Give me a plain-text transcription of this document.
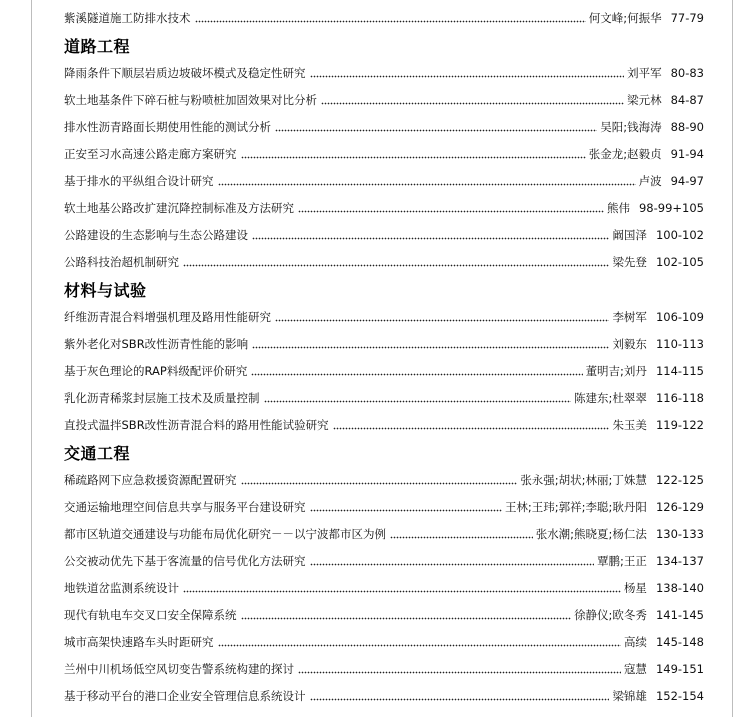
紫溪隧道施工防排水技术	何文峰;何振华 77-79
道路工程
降雨条件下顺层岩质边坡破坏模式及稳定性研究	刘平军 80-83
软土地基条件下碎石桩与粉喷桩加固效果对比分析	梁元林 84-87
排水性沥青路面长期使用性能的测试分析	吴阳;钱海涛 88-90
正安至习水高速公路走廊方案研究	张金龙;赵毅贞 91-94
基于排水的平纵组合设计研究	卢波 94-97
软土地基公路改扩建沉降控制标准及方法研究	熊伟 98-99+105
公路建设的生态影响与生态公路建设	阚国泽 100-102
公路科技治超机制研究	梁先登 102-105
材料与试验
纤维沥青混合料增强机理及路用性能研究	李树军 106-109
紫外老化对SBR改性沥青性能的影响	刘毅东 110-113
基于灰色理论的RAP料级配评价研究	董明吉;刘丹 114-115
乳化沥青稀浆封层施工技术及质量控制	陈建东;杜翠翠 116-118
直投式温拌SBR改性沥青混合料的路用性能试验研究	朱玉美 119-122
交通工程
稀疏路网下应急救援资源配置研究	张永强;胡状;林丽;丁姝慧 122-125
交通运输地理空间信息共享与服务平台建设研究	王林;王玮;郭祥;李聪;耿丹阳 126-129
都市区轨道交通建设与功能布局优化研究－－以宁波都市区为例	张水潮;熊晓夏;杨仁法 130-133
公交被动优先下基于客流量的信号优化方法研究	覃鹏;王正 134-137
地铁道岔监测系统设计	杨星 138-140
现代有轨电车交叉口安全保障系统	徐静仪;欧冬秀 141-145
城市高架快速路车头时距研究	高续 145-148
兰州中川机场低空风切变告警系统构建的探讨	寇慧 149-151
基于移动平台的港口企业安全管理信息系统设计	梁锦雄 152-154
